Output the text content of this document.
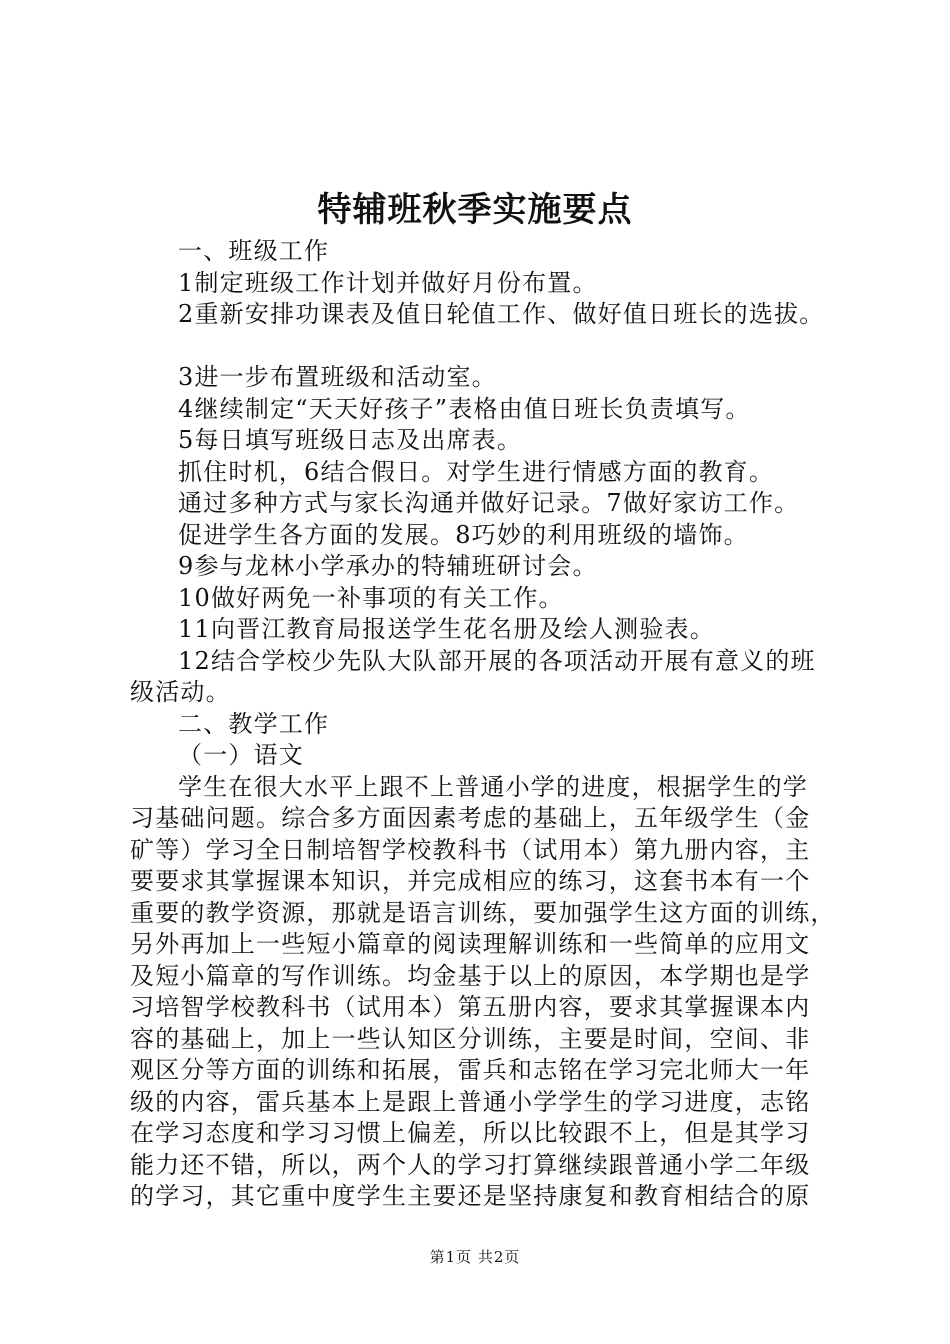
特辅班秋季实施要点

一、班级工作

1制定班级工作计划并做好月份布置。

2重新安排功课表及值日轮值工作、做好值日班长的选拔。

3进一步布置班级和活动室。

4继续制定“天天好孩子”表格由值日班长负责填写。

5每日填写班级日志及出席表。

抓住时机，6结合假日。对学生进行情感方面的教育。

通过多种方式与家长沟通并做好记录。7做好家访工作。

促进学生各方面的发展。8巧妙的利用班级的墙饰。

9参与龙林小学承办的特辅班研讨会。

10做好两免一补事项的有关工作。

11向晋江教育局报送学生花名册及绘人测验表。

12结合学校少先队大队部开展的各项活动开展有意义的班

级活动。

二、教学工作

（一）语文

学生在很大水平上跟不上普通小学的进度，根据学生的学

习基础问题。综合多方面因素考虑的基础上，五年级学生（金

矿等）学习全日制培智学校教科书（试用本）第九册内容，主

要要求其掌握课本知识，并完成相应的练习，这套书本有一个

重要的教学资源，那就是语言训练，要加强学生这方面的训练，

另外再加上一些短小篇章的阅读理解训练和一些简单的应用文

及短小篇章的写作训练。均金基于以上的原因，本学期也是学

习培智学校教科书（试用本）第五册内容，要求其掌握课本内

容的基础上，加上一些认知区分训练，主要是时间，空间、非

观区分等方面的训练和拓展，雷兵和志铭在学习完北师大一年

级的内容，雷兵基本上是跟上普通小学学生的学习进度，志铭

在学习态度和学习习惯上偏差，所以比较跟不上，但是其学习

能力还不错，所以，两个人的学习打算继续跟普通小学二年级

的学习，其它重中度学生主要还是坚持康复和教育相结合的原

第1页 共2页
